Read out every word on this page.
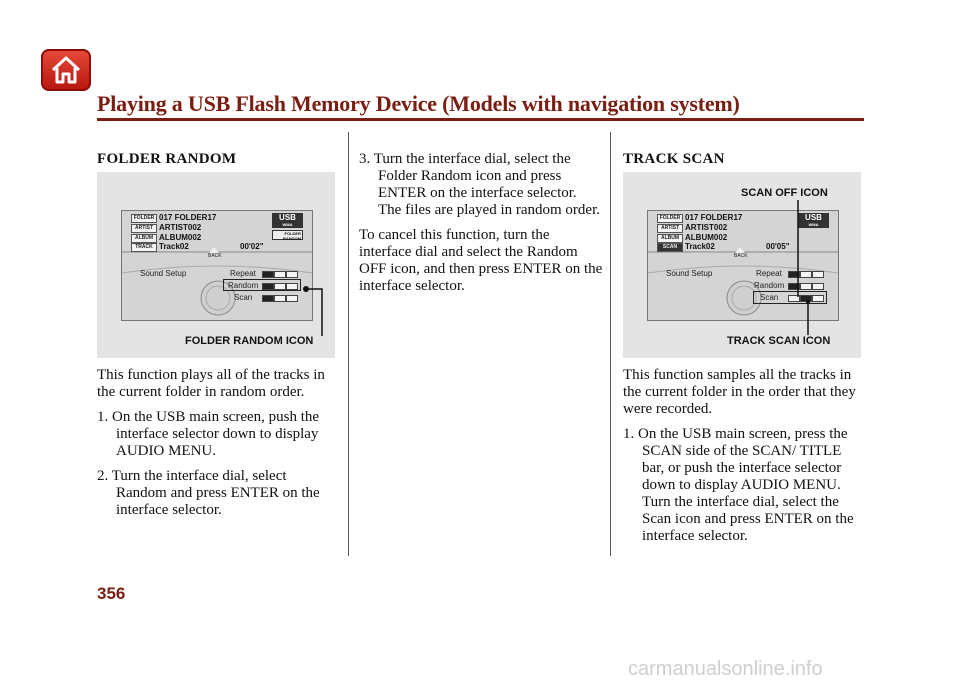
Playing a USB Flash Memory Device (Models with navigation system)
FOLDER RANDOM
FOLDER 017 FOLDER17
ARTIST ARTIST002
ALBUM ALBUM002
TRACK Track02	00'02"
USB
WMA
FOLDER RANDOM
BACK
Sound Setup	Repeat
Random
Scan
FOLDER RANDOM ICON

This function plays all of the tracks in the current folder in random order.

1. On the USB main screen, push the interface selector down to display AUDIO MENU.
2. Turn the interface dial, select Random and press ENTER on the interface selector.
3. Turn the interface dial, select the Folder Random icon and press ENTER on the interface selector. The files are played in random order.

To cancel this function, turn the interface dial and select the Random OFF icon, and then press ENTER on the interface selector.

TRACK SCAN
SCAN OFF ICON
FOLDER 017 FOLDER17
ARTIST ARTIST002
ALBUM ALBUM002
SCAN Track02	00'05"
USB
WMA
BACK
Sound Setup	Repeat
Random
Scan
TRACK SCAN ICON

This function samples all the tracks in the current folder in the order that they were recorded.

1. On the USB main screen, press the SCAN side of the SCAN/ TITLE bar, or push the interface selector down to display AUDIO MENU. Turn the interface dial, select the Scan icon and press ENTER on the interface selector.
356
carmanualsonline.info
